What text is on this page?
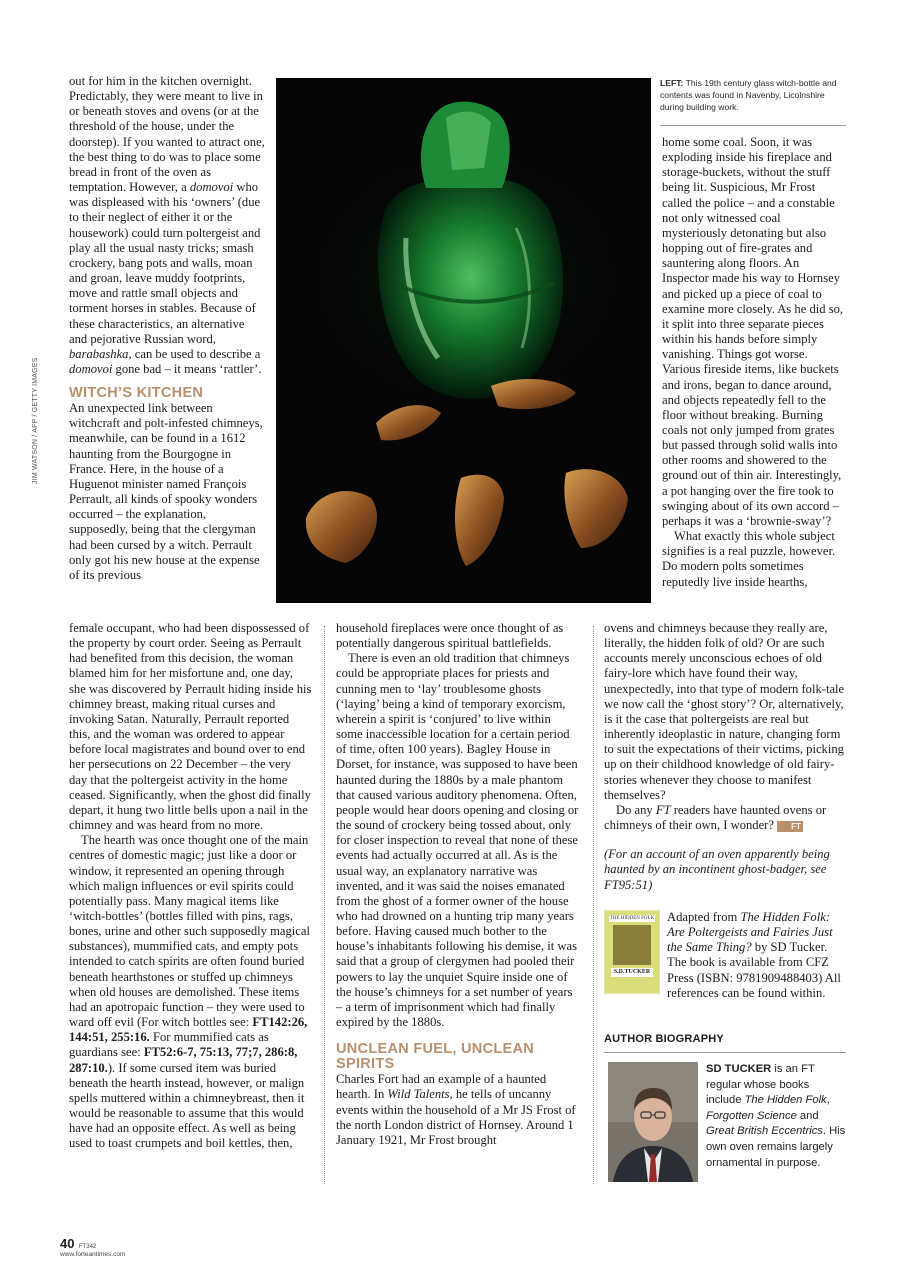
out for him in the kitchen overnight. Predictably, they were meant to live in or beneath stoves and ovens (or at the threshold of the house, under the doorstep). If you wanted to attract one, the best thing to do was to place some bread in front of the oven as temptation. However, a domovoi who was displeased with his ‘owners’ (due to their neglect of either it or the housework) could turn poltergeist and play all the usual nasty tricks; smash crockery, bang pots and walls, moan and groan, leave muddy footprints, move and rattle small objects and torment horses in stables. Because of these characteristics, an alternative and pejorative Russian word, barabashka, can be used to describe a domovoi gone bad – it means ‘rattler’.

WITCH’S KITCHEN

An unexpected link between witchcraft and polt-infested chimneys, meanwhile, can be found in a 1612 haunting from the Bourgogne in France. Here, in the house of a Huguenot minister named François Perrault, all kinds of spooky wonders occurred – the explanation, supposedly, being that the clergyman had been cursed by a witch. Perrault only got his new house at the expense of its previous

JIM WATSON / AFP / GETTY IMAGES
LEFT: This 19th century glass witch-bottle and contents was found in Navenby, Licolnshire during building work.

home some coal. Soon, it was exploding inside his fireplace and storage-buckets, without the stuff being lit. Suspicious, Mr Frost called the police – and a constable not only witnessed coal mysteriously detonating but also hopping out of fire-grates and sauntering along floors. An Inspector made his way to Hornsey and picked up a piece of coal to examine more closely. As he did so, it split into three separate pieces within his hands before simply vanishing. Things got worse. Various fireside items, like buckets and irons, began to dance around, and objects repeatedly fell to the floor without breaking. Burning coals not only jumped from grates but passed through solid walls into other rooms and showered to the ground out of thin air. Interestingly, a pot hanging over the fire took to swinging about of its own accord – perhaps it was a ‘brownie-sway’?

What exactly this whole subject signifies is a real puzzle, however. Do modern polts sometimes reputedly live inside hearths,

female occupant, who had been dispossessed of the property by court order. Seeing as Perrault had benefited from this decision, the woman blamed him for her misfortune and, one day, she was discovered by Perrault hiding inside his chimney breast, making ritual curses and invoking Satan. Naturally, Perrault reported this, and the woman was ordered to appear before local magistrates and bound over to end her persecutions on 22 December – the very day that the poltergeist activity in the home ceased. Significantly, when the ghost did finally depart, it hung two little bells upon a nail in the chimney and was heard from no more.

The hearth was once thought one of the main centres of domestic magic; just like a door or window, it represented an opening through which malign influences or evil spirits could potentially pass. Many magical items like ‘witch-bottles’ (bottles filled with pins, rags, bones, urine and other such supposedly magical substances), mummified cats, and empty pots intended to catch spirits are often found buried beneath hearthstones or stuffed up chimneys when old houses are demolished. These items had an apotropaic function – they were used to ward off evil (For witch bottles see: FT142:26, 144:51, 255:16. For mummified cats as guardians see: FT52:6-7, 75:13, 77;7, 286:8, 287:10.). If some cursed item was buried beneath the hearth instead, however, or malign spells muttered within a chimneybreast, then it would be reasonable to assume that this would have had an opposite effect. As well as being used to toast crumpets and boil kettles, then,

household fireplaces were once thought of as potentially dangerous spiritual battlefields.

There is even an old tradition that chimneys could be appropriate places for priests and cunning men to ‘lay’ troublesome ghosts (‘laying’ being a kind of temporary exorcism, wherein a spirit is ‘conjured’ to live within some inaccessible location for a certain period of time, often 100 years). Bagley House in Dorset, for instance, was supposed to have been haunted during the 1880s by a male phantom that caused various auditory phenomena. Often, people would hear doors opening and closing or the sound of crockery being tossed about, only for closer inspection to reveal that none of these events had actually occurred at all. As is the usual way, an explanatory narrative was invented, and it was said the noises emanated from the ghost of a former owner of the house who had drowned on a hunting trip many years before. Having caused much bother to the house’s inhabitants following his demise, it was said that a group of clergymen had pooled their powers to lay the unquiet Squire inside one of the house’s chimneys for a set number of years – a term of imprisonment which had finally expired by the 1880s.

UNCLEAN FUEL, UNCLEAN SPIRITS

Charles Fort had an example of a haunted hearth. In Wild Talents, he tells of uncanny events within the household of a Mr JS Frost of the north London district of Hornsey. Around 1 January 1921, Mr Frost brought

ovens and chimneys because they really are, literally, the hidden folk of old? Or are such accounts merely unconscious echoes of old fairy-lore which have found their way, unexpectedly, into that type of modern folk-tale we now call the ‘ghost story’? Or, alternatively, is it the case that poltergeists are real but inherently ideoplastic in nature, changing form to suit the expectations of their victims, picking up on their childhood knowledge of old fairy-stories whenever they choose to manifest themselves?

Do any FT readers have haunted ovens or chimneys of their own, I wonder? FT

(For an account of an oven apparently being haunted by an incontinent ghost-badger, see FT95:51)

THE HIDDEN FOLK
S.D.TUCKER
Adapted from The Hidden Folk: Are Poltergeists and Fairies Just the Same Thing? by SD Tucker. The book is available from CFZ Press (ISBN: 9781909488403) All references can be found within.
AUTHOR BIOGRAPHY
SD TUCKER is an FT regular whose books include The Hidden Folk, Forgotten Science and Great British Eccentrics. His own oven remains largely ornamental in purpose.
40 FT342
www.forteantimes.com
